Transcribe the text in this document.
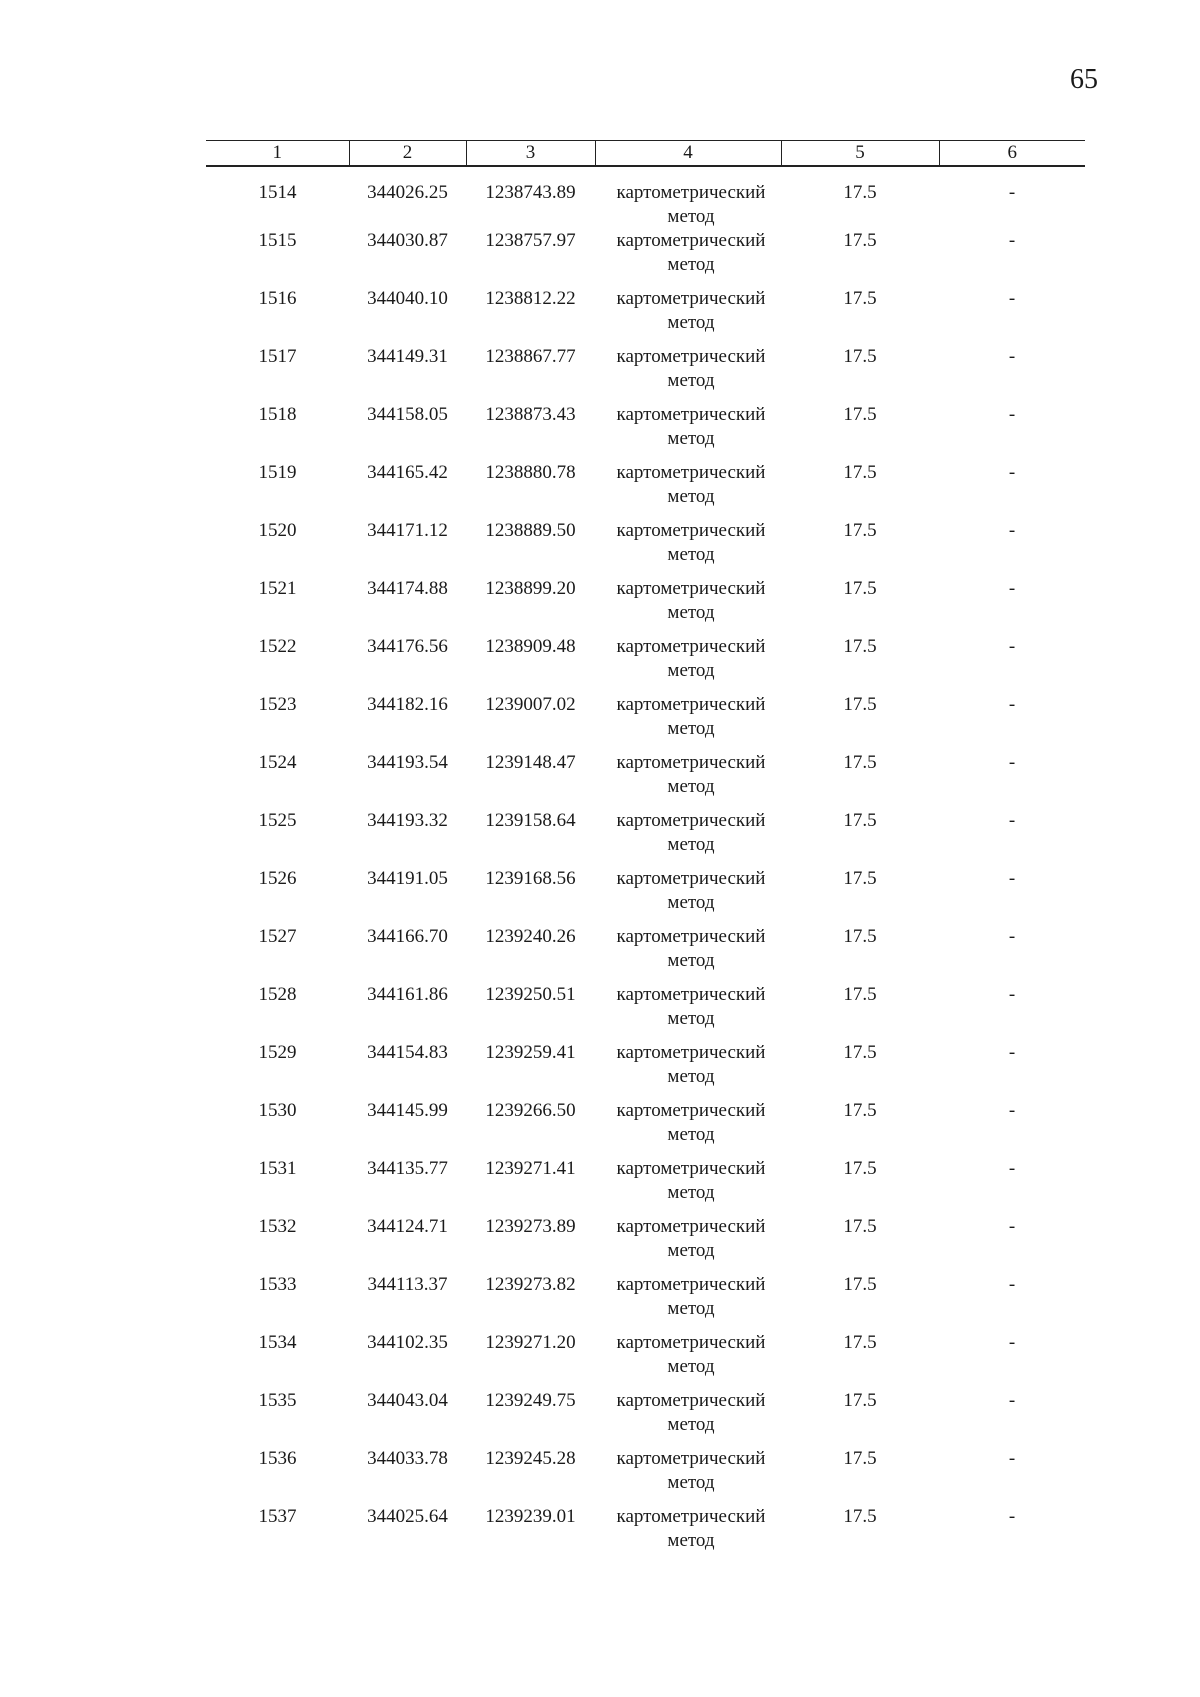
65
1	2	3	4	5	6
1514	344026.25	1238743.89	картометрический метод	17.5	-
1515	344030.87	1238757.97	картометрический метод	17.5	-
1516	344040.10	1238812.22	картометрический метод	17.5	-
1517	344149.31	1238867.77	картометрический метод	17.5	-
1518	344158.05	1238873.43	картометрический метод	17.5	-
1519	344165.42	1238880.78	картометрический метод	17.5	-
1520	344171.12	1238889.50	картометрический метод	17.5	-
1521	344174.88	1238899.20	картометрический метод	17.5	-
1522	344176.56	1238909.48	картометрический метод	17.5	-
1523	344182.16	1239007.02	картометрический метод	17.5	-
1524	344193.54	1239148.47	картометрический метод	17.5	-
1525	344193.32	1239158.64	картометрический метод	17.5	-
1526	344191.05	1239168.56	картометрический метод	17.5	-
1527	344166.70	1239240.26	картометрический метод	17.5	-
1528	344161.86	1239250.51	картометрический метод	17.5	-
1529	344154.83	1239259.41	картометрический метод	17.5	-
1530	344145.99	1239266.50	картометрический метод	17.5	-
1531	344135.77	1239271.41	картометрический метод	17.5	-
1532	344124.71	1239273.89	картометрический метод	17.5	-
1533	344113.37	1239273.82	картометрический метод	17.5	-
1534	344102.35	1239271.20	картометрический метод	17.5	-
1535	344043.04	1239249.75	картометрический метод	17.5	-
1536	344033.78	1239245.28	картометрический метод	17.5	-
1537	344025.64	1239239.01	картометрический метод	17.5	-
